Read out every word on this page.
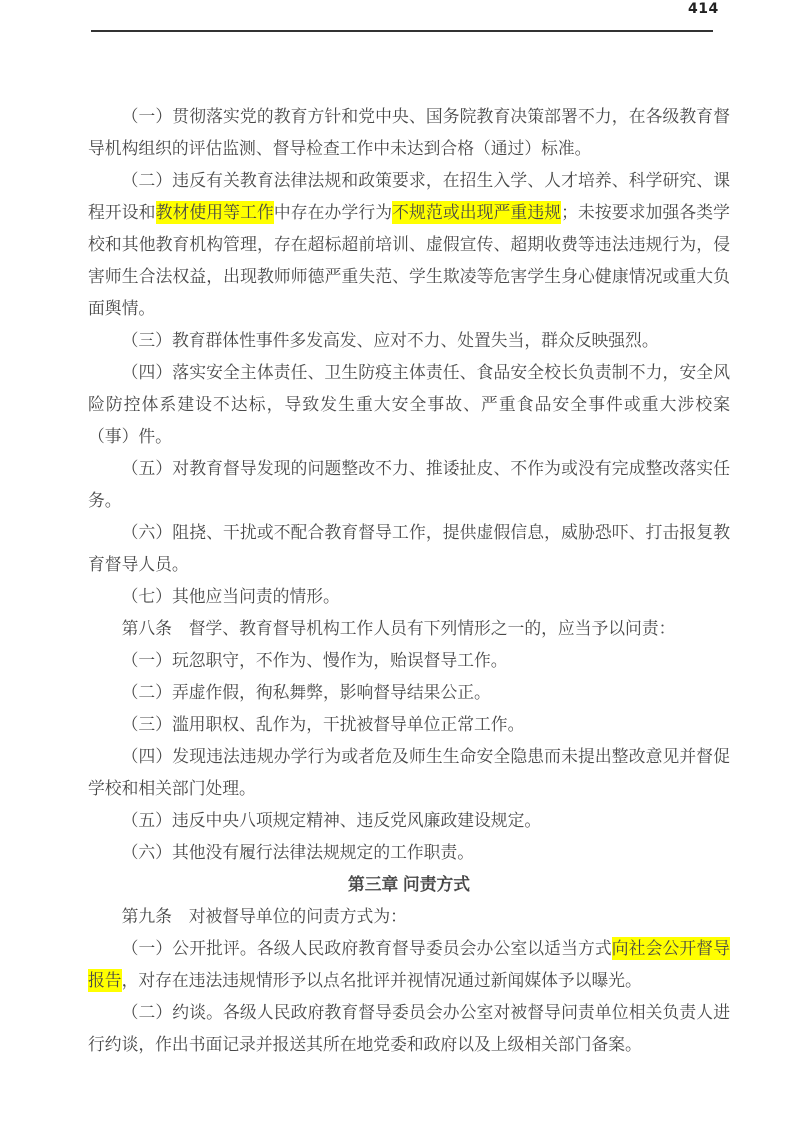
414

（一）贯彻落实党的教育方针和党中央、国务院教育决策部署不力，在各级教育督导机构组织的评估监测、督导检查工作中未达到合格（通过）标准。

（二）违反有关教育法律法规和政策要求，在招生入学、人才培养、科学研究、课程开设和教材使用等工作中存在办学行为不规范或出现严重违规；未按要求加强各类学校和其他教育机构管理，存在超标超前培训、虚假宣传、超期收费等违法违规行为，侵害师生合法权益，出现教师师德严重失范、学生欺凌等危害学生身心健康情况或重大负面舆情。

（三）教育群体性事件多发高发、应对不力、处置失当，群众反映强烈。

（四）落实安全主体责任、卫生防疫主体责任、食品安全校长负责制不力，安全风险防控体系建设不达标，导致发生重大安全事故、严重食品安全事件或重大涉校案（事）件。

（五）对教育督导发现的问题整改不力、推诿扯皮、不作为或没有完成整改落实任务。

（六）阻挠、干扰或不配合教育督导工作，提供虚假信息，威胁恐吓、打击报复教育督导人员。

（七）其他应当问责的情形。

第八条　督学、教育督导机构工作人员有下列情形之一的，应当予以问责：

（一）玩忽职守，不作为、慢作为，贻误督导工作。

（二）弄虚作假，徇私舞弊，影响督导结果公正。

（三）滥用职权、乱作为，干扰被督导单位正常工作。

（四）发现违法违规办学行为或者危及师生生命安全隐患而未提出整改意见并督促学校和相关部门处理。

（五）违反中央八项规定精神、违反党风廉政建设规定。

（六）其他没有履行法律法规规定的工作职责。

第三章 问责方式

第九条　对被督导单位的问责方式为：

（一）公开批评。各级人民政府教育督导委员会办公室以适当方式向社会公开督导报告，对存在违法违规情形予以点名批评并视情况通过新闻媒体予以曝光。

（二）约谈。各级人民政府教育督导委员会办公室对被督导问责单位相关负责人进行约谈，作出书面记录并报送其所在地党委和政府以及上级相关部门备案。
